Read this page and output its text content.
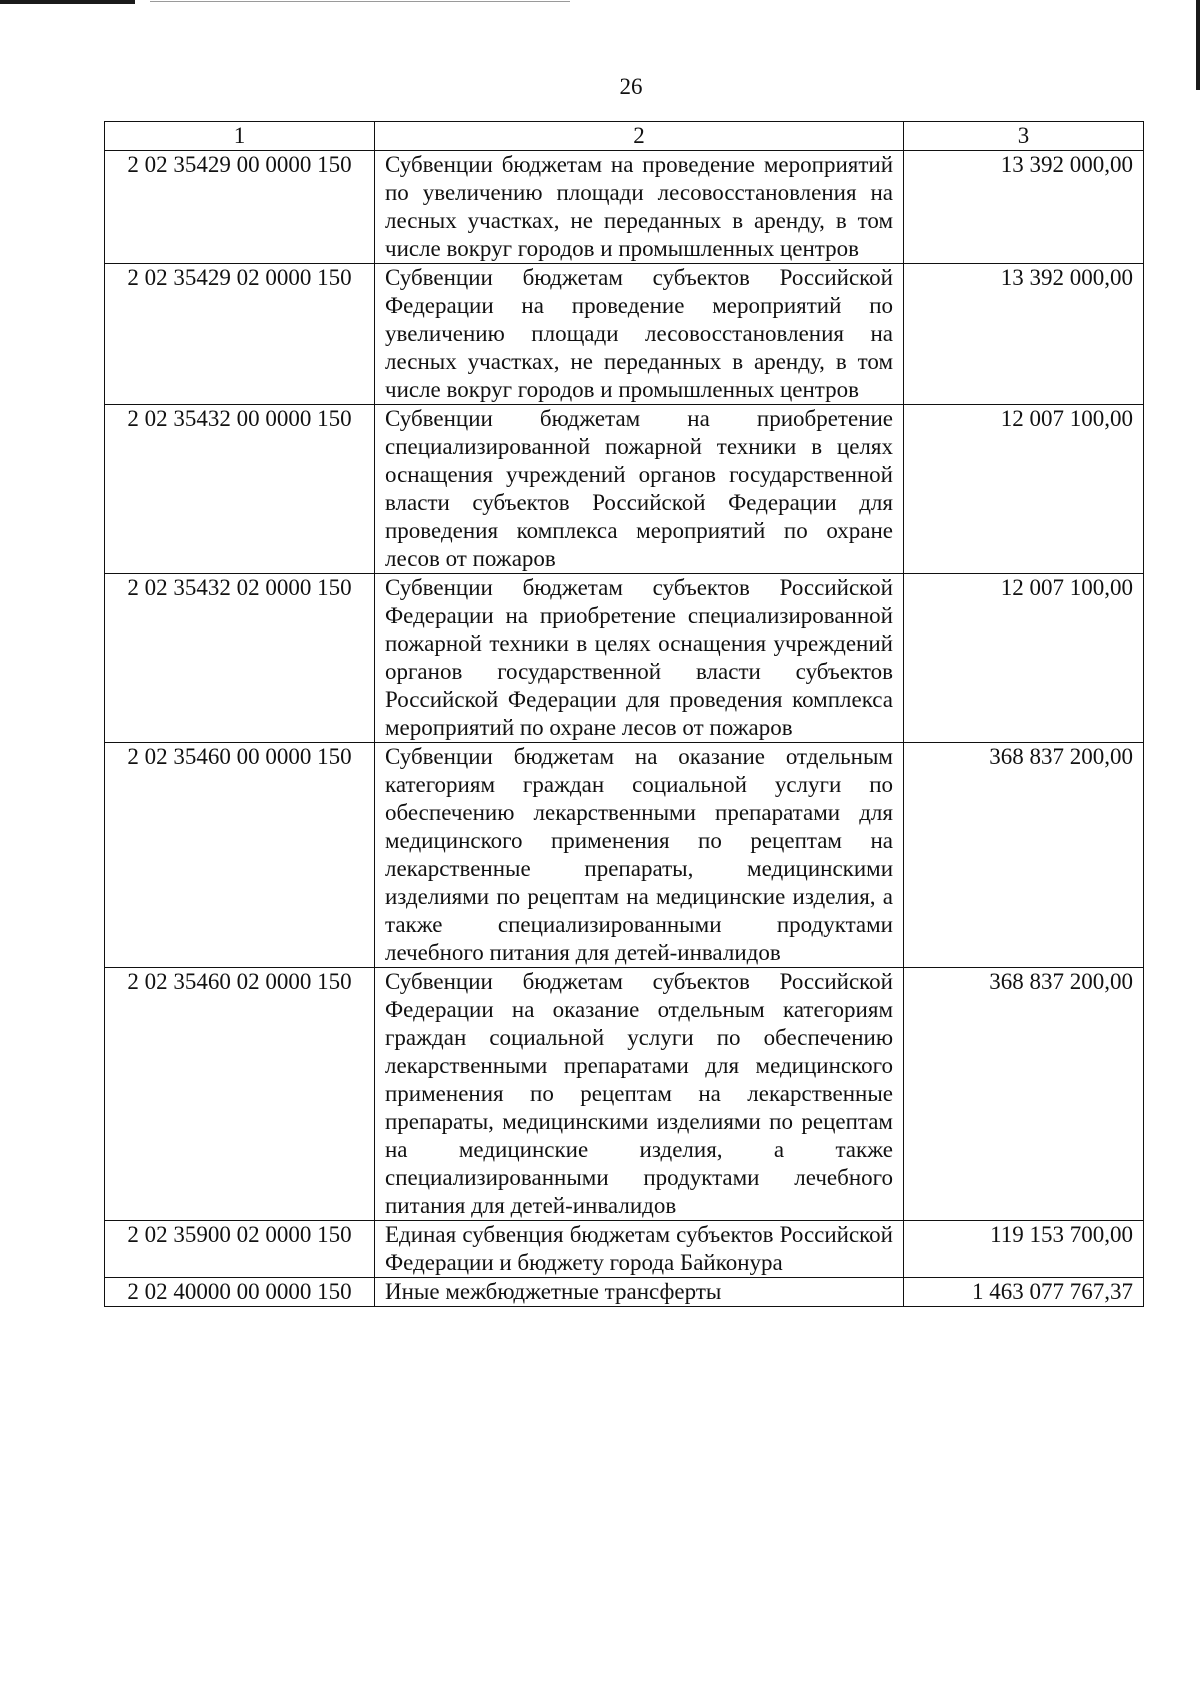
26
1	2	3
2 02 35429 00 0000 150	Субвенции бюджетам на проведение мероприятий по увеличению площади лесовосстановления на лесных участках, не переданных в аренду, в том числе вокруг городов и промышленных центров	13 392 000,00
2 02 35429 02 0000 150	Субвенции бюджетам субъектов Российской Федерации на проведение мероприятий по увеличению площади лесовосстановления на лесных участках, не переданных в аренду, в том числе вокруг городов и промышленных центров	13 392 000,00
2 02 35432 00 0000 150	Субвенции бюджетам на приобретение специализированной пожарной техники в целях оснащения учреждений органов государственной власти субъектов Российской Федерации для проведения комплекса мероприятий по охране лесов от пожаров	12 007 100,00
2 02 35432 02 0000 150	Субвенции бюджетам субъектов Российской Федерации на приобретение специализированной пожарной техники в целях оснащения учреждений органов государственной власти субъектов Российской Федерации для проведения комплекса мероприятий по охране лесов от пожаров	12 007 100,00
2 02 35460 00 0000 150	Субвенции бюджетам на оказание отдельным категориям граждан социальной услуги по обеспечению лекарственными препаратами для медицинского применения по рецептам на лекарственные препараты, медицинскими изделиями по рецептам на медицинские изделия, а также специализированными продуктами лечебного питания для детей-инвалидов	368 837 200,00
2 02 35460 02 0000 150	Субвенции бюджетам субъектов Российской Федерации на оказание отдельным категориям граждан социальной услуги по обеспечению лекарственными препаратами для медицинского применения по рецептам на лекарственные препараты, медицинскими изделиями по рецептам на медицинские изделия, а также специализированными продуктами лечебного питания для детей-инвалидов	368 837 200,00
2 02 35900 02 0000 150	Единая субвенция бюджетам субъектов Российской Федерации и бюджету города Байконура	119 153 700,00
2 02 40000 00 0000 150	Иные межбюджетные трансферты	1 463 077 767,37
